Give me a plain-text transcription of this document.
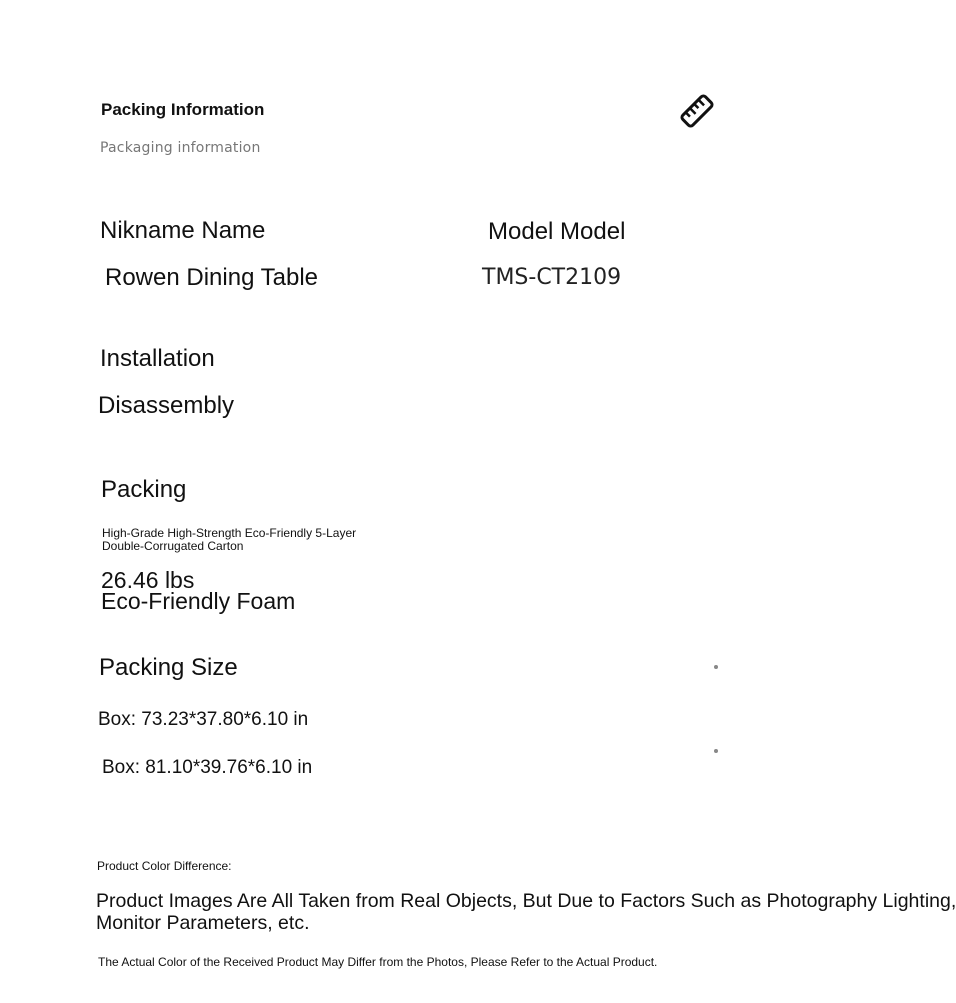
Packing Information
Packaging information
Nikname Name	Model Model
Rowen Dining Table	TMS-CT2109
Installation
Disassembly
Packing
High-Grade High-Strength Eco-Friendly 5-Layer Double-Corrugated Carton
26.46 lbs
Eco-Friendly Foam
Packing Size
Box: 73.23*37.80*6.10 in
Box: 81.10*39.76*6.10 in
Product Color Difference:
Product Images Are All Taken from Real Objects, But Due to Factors Such as Photography Lighting,
Monitor Parameters, etc.
The Actual Color of the Received Product May Differ from the Photos, Please Refer to the Actual Product.
